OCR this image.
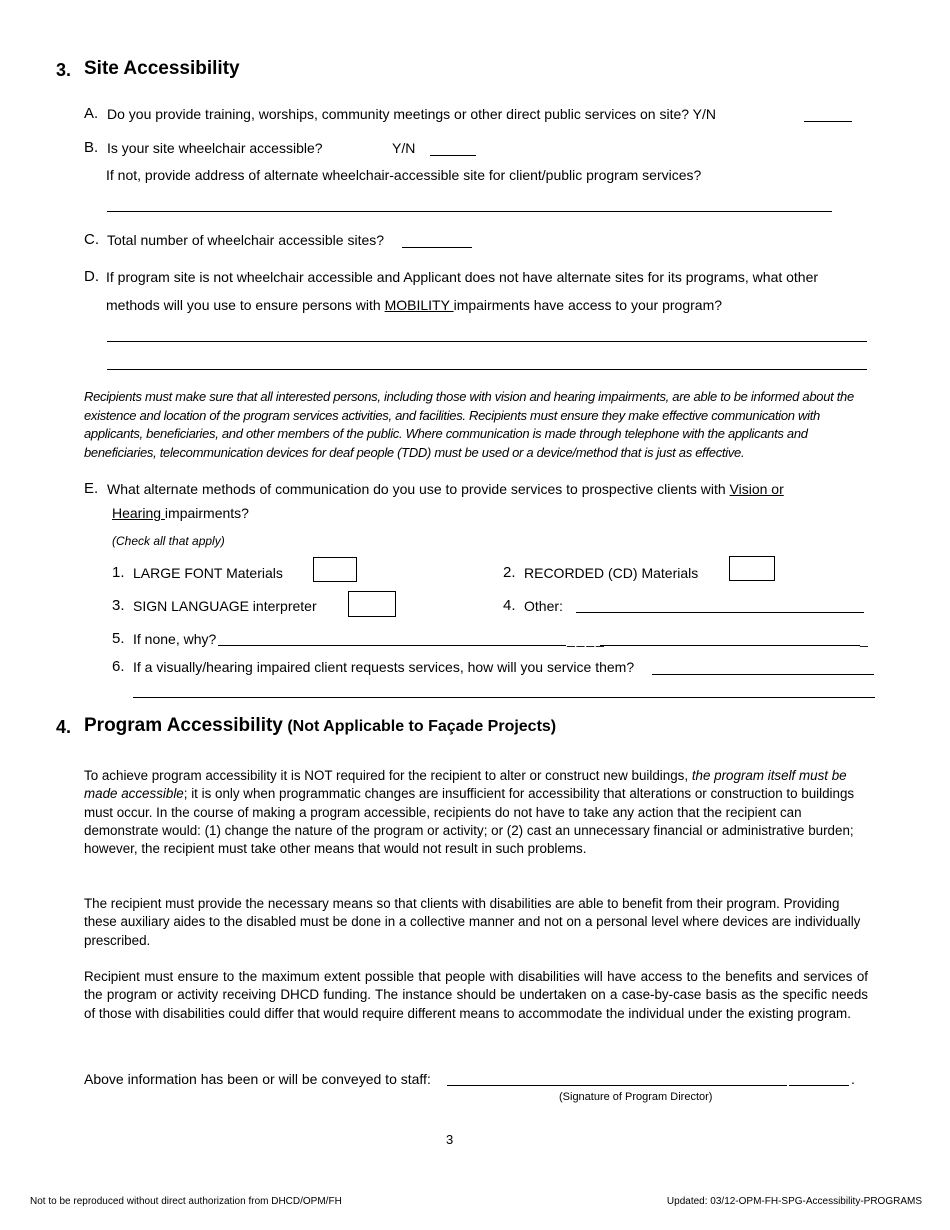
3. Site Accessibility
A. Do you provide training, worships, community meetings or other direct public services on site? Y/N
B. Is your site wheelchair accessible?	Y/N
If not, provide address of alternate wheelchair-accessible site for client/public program services?
C. Total number of wheelchair accessible sites?
D. If program site is not wheelchair accessible and Applicant does not have alternate sites for its programs, what other
methods will you use to ensure persons with MOBILITY impairments have access to your program?
Recipients must make sure that all interested persons, including those with vision and hearing impairments, are able to be informed about the existence and location of the program services activities, and facilities. Recipients must ensure they make effective communication with applicants, beneficiaries, and other members of the public. Where communication is made through telephone with the applicants and beneficiaries, telecommunication devices for deaf people (TDD) must be used or a device/method that is just as effective.
E. What alternate methods of communication do you use to provide services to prospective clients with Vision or
Hearing impairments?
(Check all that apply)
1. LARGE FONT Materials	2. RECORDED (CD) Materials
3. SIGN LANGUAGE interpreter	4. Other:
5. If none, why?	_ _ _ _	_
6. If a visually/hearing impaired client requests services, how will you service them?
4. Program Accessibility (Not Applicable to Façade Projects)
To achieve program accessibility it is NOT required for the recipient to alter or construct new buildings, the program itself must be made accessible; it is only when programmatic changes are insufficient for accessibility that alterations or construction to buildings must occur. In the course of making a program accessible, recipients do not have to take any action that the recipient can demonstrate would: (1) change the nature of the program or activity; or (2) cast an unnecessary financial or administrative burden; however, the recipient must take other means that would not result in such problems.
The recipient must provide the necessary means so that clients with disabilities are able to benefit from their program. Providing these auxiliary aides to the disabled must be done in a collective manner and not on a personal level where devices are individually prescribed.
Recipient must ensure to the maximum extent possible that people with disabilities will have access to the benefits and services of the program or activity receiving DHCD funding. The instance should be undertaken on a case-by-case basis as the specific needs of those with disabilities could differ that would require different means to accommodate the individual under the existing program.
Above information has been or will be conveyed to staff:	.
(Signature of Program Director)
3
Not to be reproduced without direct authorization from DHCD/OPM/FH	Updated: 03/12-OPM-FH-SPG-Accessibility-PROGRAMS
